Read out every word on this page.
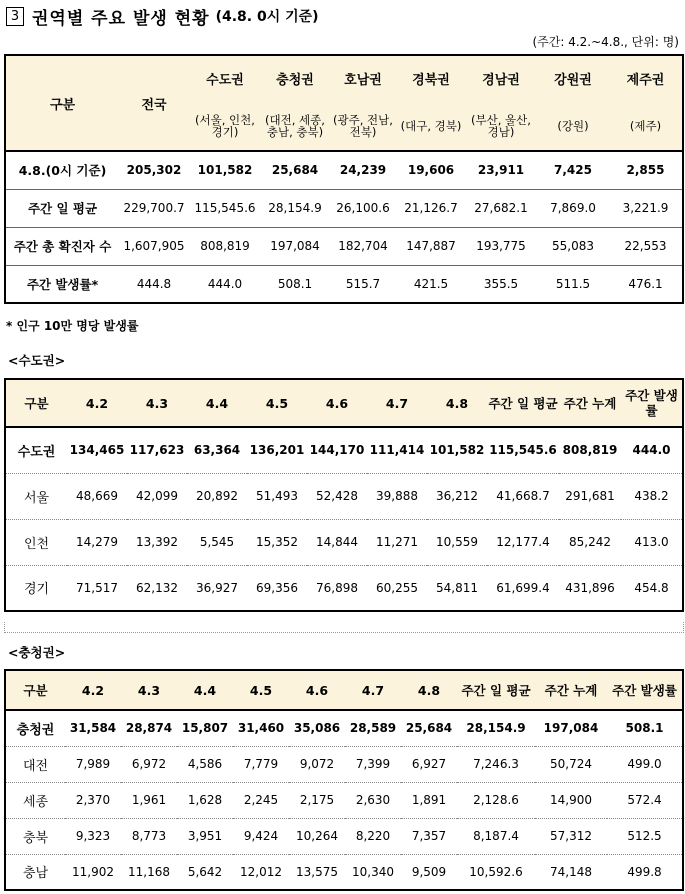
3 권역별 주요 발생 현황 (4.8. 0시 기준)
(주간: 4.2.~4.8., 단위: 명)
구분	전국	수도권	충청권	호남권	경북권	경남권	강원권	제주권
		(서울, 인천, 경기)	(대전, 세종, 충남, 충북)	(광주, 전남, 전북)	(대구, 경북)	(부산, 울산, 경남)	(강원)	(제주)
4.8.(0시 기준)	205,302	101,582	25,684	24,239	19,606	23,911	7,425	2,855
주간 일 평균	229,700.7	115,545.6	28,154.9	26,100.6	21,126.7	27,682.1	7,869.0	3,221.9
주간 총 확진자 수	1,607,905	808,819	197,084	182,704	147,887	193,775	55,083	22,553
주간 발생률*	444.8	444.0	508.1	515.7	421.5	355.5	511.5	476.1
* 인구 10만 명당 발생률
<수도권>
구분	4.2	4.3	4.4	4.5	4.6	4.7	4.8	주간 일 평균	주간 누계	주간 발생률
수도권	134,465	117,623	63,364	136,201	144,170	111,414	101,582	115,545.6	808,819	444.0
서울	48,669	42,099	20,892	51,493	52,428	39,888	36,212	41,668.7	291,681	438.2
인천	14,279	13,392	5,545	15,352	14,844	11,271	10,559	12,177.4	85,242	413.0
경기	71,517	62,132	36,927	69,356	76,898	60,255	54,811	61,699.4	431,896	454.8
<충청권>
구분	4.2	4.3	4.4	4.5	4.6	4.7	4.8	주간 일 평균	주간 누계	주간 발생률
충청권	31,584	28,874	15,807	31,460	35,086	28,589	25,684	28,154.9	197,084	508.1
대전	7,989	6,972	4,586	7,779	9,072	7,399	6,927	7,246.3	50,724	499.0
세종	2,370	1,961	1,628	2,245	2,175	2,630	1,891	2,128.6	14,900	572.4
충북	9,323	8,773	3,951	9,424	10,264	8,220	7,357	8,187.4	57,312	512.5
충남	11,902	11,168	5,642	12,012	13,575	10,340	9,509	10,592.6	74,148	499.8
